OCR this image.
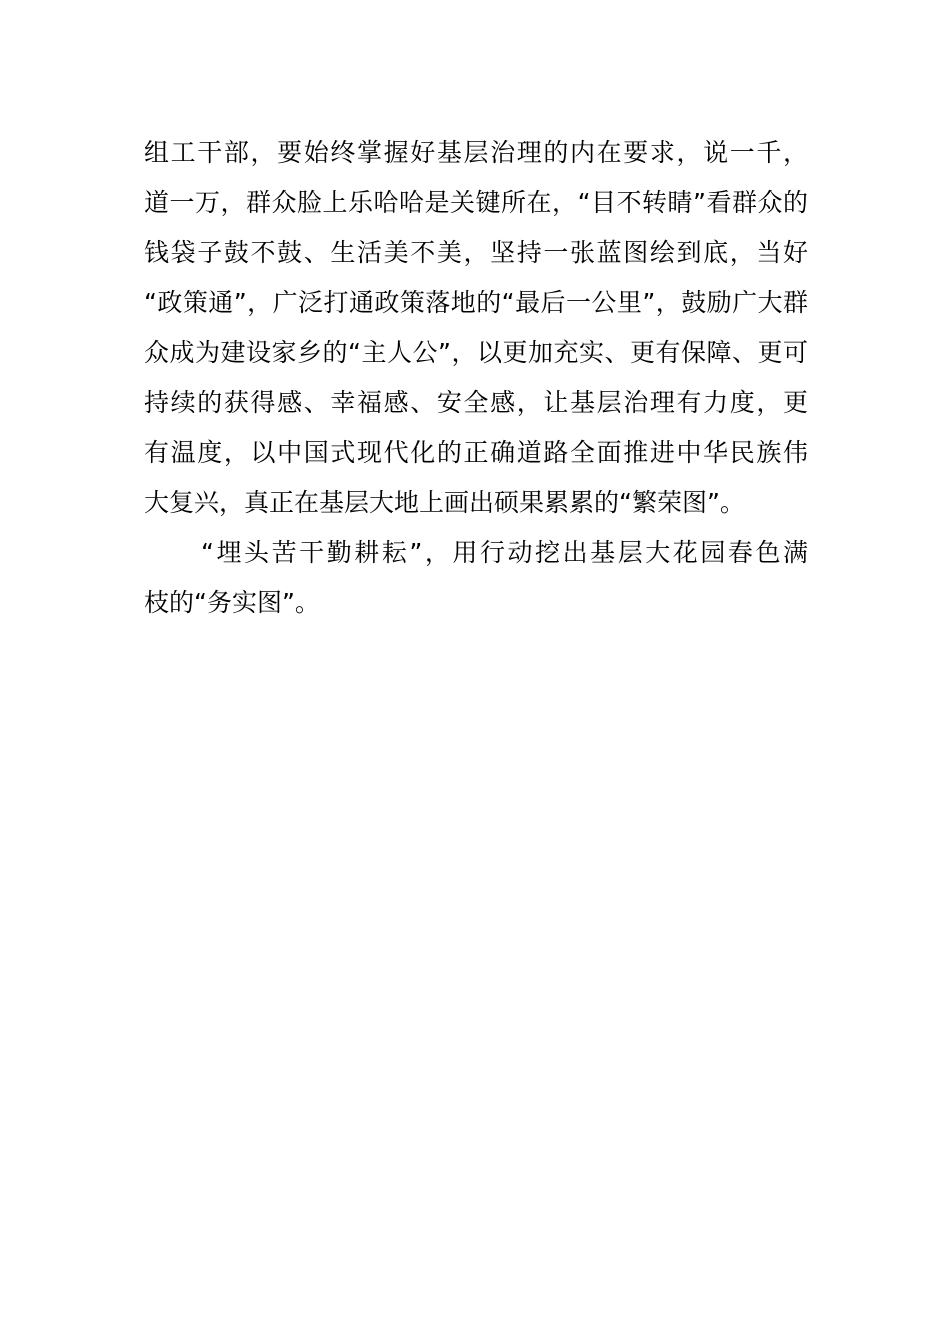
组工干部，要始终掌握好基层治理的内在要求，说一千，
道一万，群众脸上乐哈哈是关键所在，“目不转睛”看群众的
钱袋子鼓不鼓、生活美不美，坚持一张蓝图绘到底，当好
“政策通”，广泛打通政策落地的“最后一公里”，鼓励广大群
众成为建设家乡的“主人公”，以更加充实、更有保障、更可
持续的获得感、幸福感、安全感，让基层治理有力度，更
有温度，以中国式现代化的正确道路全面推进中华民族伟
大复兴，真正在基层大地上画出硕果累累的“繁荣图”。
“埋头苦干勤耕耘”，用行动挖出基层大花园春色满
枝的“务实图”。
